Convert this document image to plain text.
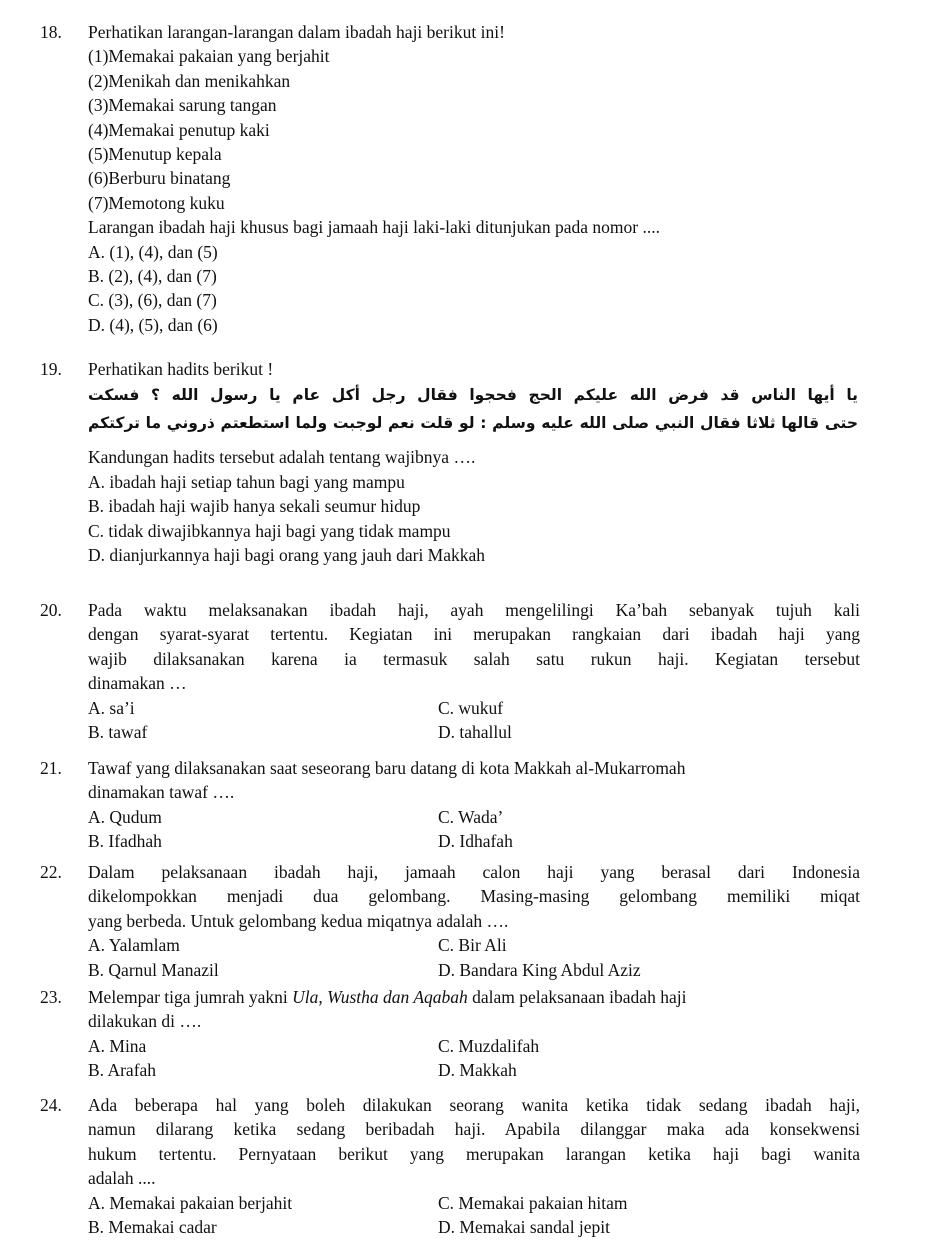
18.	Perhatikan larangan-larangan dalam ibadah haji berikut ini!
(1)Memakai pakaian yang berjahit
(2)Menikah dan menikahkan
(3)Memakai sarung tangan
(4)Memakai penutup kaki
(5)Menutup kepala
(6)Berburu binatang
(7)Memotong kuku
Larangan ibadah haji khusus bagi jamaah haji laki-laki ditunjukan pada nomor ....
A. (1), (4), dan (5)
B. (2), (4), dan (7)
C. (3), (6), dan (7)
D. (4), (5), dan (6)
19.	Perhatikan hadits berikut !
يا أيها الناس قد فرض الله عليكم الحج فحجوا فقال رجل أكل عام يا رسول الله ؟ فسكت
حتى قالها ثلاثا فقال النبي صلى الله عليه وسلم : لو قلت نعم لوجبت ولما استطعتم ذروني ما تركتكم
Kandungan hadits tersebut adalah tentang wajibnya ….
A. ibadah haji setiap tahun bagi yang mampu
B. ibadah haji wajib hanya sekali seumur hidup
C. tidak diwajibkannya haji bagi yang tidak mampu
D. dianjurkannya haji bagi orang yang jauh dari Makkah
20.	Pada waktu melaksanakan ibadah haji, ayah mengelilingi Ka’bah sebanyak tujuh kali
dengan syarat-syarat tertentu. Kegiatan ini merupakan rangkaian dari ibadah haji yang
wajib dilaksanakan karena ia termasuk salah satu rukun haji. Kegiatan tersebut
dinamakan …
A. sa’i	C. wukuf
B. tawaf	D. tahallul
21.	Tawaf yang dilaksanakan saat seseorang baru datang di kota Makkah al-Mukarromah
dinamakan tawaf ….
A. Qudum	C. Wada’
B. Ifadhah	D. Idhafah
22.	Dalam pelaksanaan ibadah haji, jamaah calon haji yang berasal dari Indonesia
dikelompokkan menjadi dua gelombang. Masing-masing gelombang memiliki miqat
yang berbeda. Untuk gelombang kedua miqatnya adalah ….
A. Yalamlam	C. Bir Ali
B. Qarnul Manazil	D. Bandara King Abdul Aziz
23.	Melempar tiga jumrah yakni Ula, Wustha dan Aqabah dalam pelaksanaan ibadah haji
dilakukan di ….
A. Mina	C. Muzdalifah
B. Arafah	D. Makkah
24.	Ada beberapa hal yang boleh dilakukan seorang wanita ketika tidak sedang ibadah haji,
namun dilarang ketika sedang beribadah haji. Apabila dilanggar maka ada konsekwensi
hukum tertentu. Pernyataan berikut yang merupakan larangan ketika haji bagi wanita
adalah ....
A. Memakai pakaian berjahit	C. Memakai pakaian hitam
B. Memakai cadar	D. Memakai sandal jepit
